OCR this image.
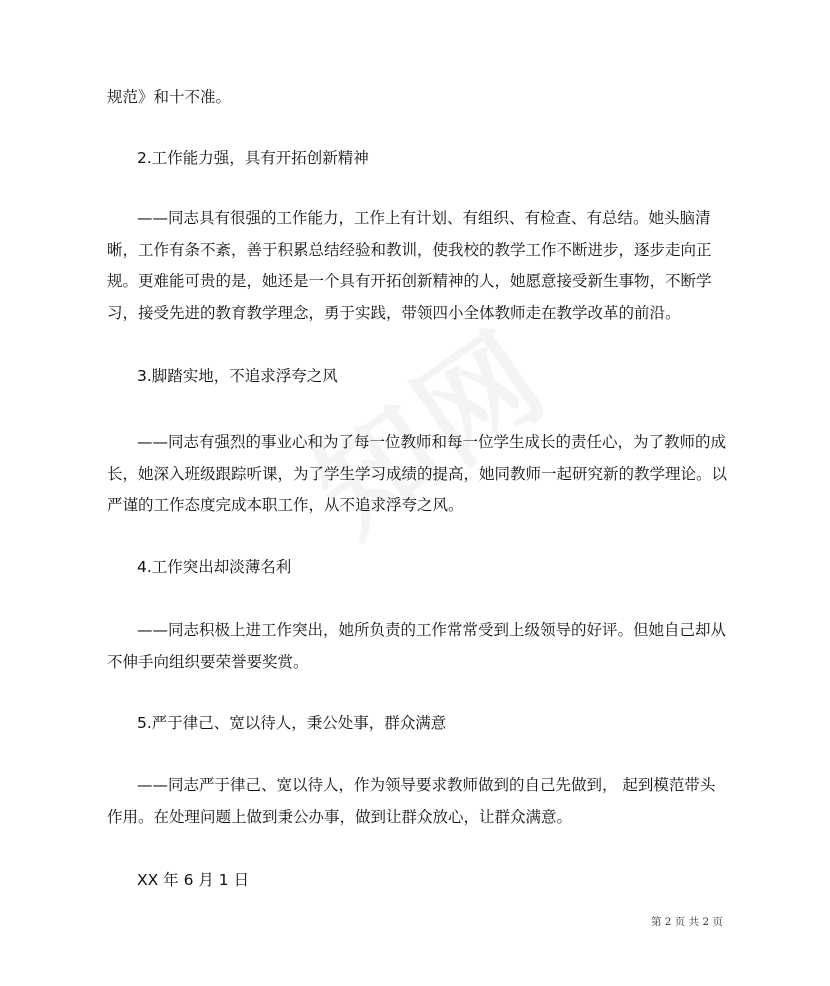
规范》和十不准。

2.工作能力强，具有开拓创新精神

——同志具有很强的工作能力，工作上有计划、有组织、有检查、有总结。她头脑清晰，工作有条不紊，善于积累总结经验和教训，使我校的教学工作不断进步，逐步走向正规。更难能可贵的是，她还是一个具有开拓创新精神的人，她愿意接受新生事物，不断学习，接受先进的教育教学理念，勇于实践，带领四小全体教师走在教学改革的前沿。

3.脚踏实地，不追求浮夸之风

——同志有强烈的事业心和为了每一位教师和每一位学生成长的责任心，为了教师的成长，她深入班级跟踪听课，为了学生学习成绩的提高，她同教师一起研究新的教学理论。以严谨的工作态度完成本职工作，从不追求浮夸之风。

4.工作突出却淡薄名利

——同志积极上进工作突出，她所负责的工作常常受到上级领导的好评。但她自己却从不伸手向组织要荣誉要奖赏。

5.严于律己、宽以待人，秉公处事，群众满意

——同志严于律己、宽以待人，作为领导要求教师做到的自己先做到， 起到模范带头作用。在处理问题上做到秉公办事，做到让群众放心，让群众满意。

XX 年 6 月 1 日

第 2 页 共 2 页
